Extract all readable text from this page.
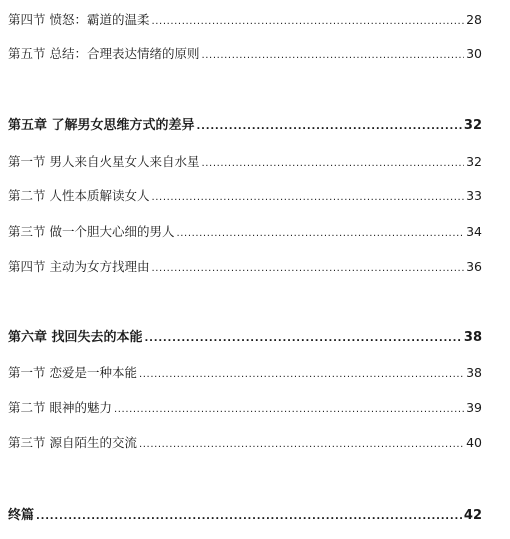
第四节 愤怒：霸道的温柔 .....	28
第五节 总结：合理表达情绪的原则 .....	30
第五章 了解男女思维方式的差异 .....	32
第一节 男人来自火星女人来自水星 .....	32
第二节 人性本质解读女人 .....	33
第三节 做一个胆大心细的男人 .....	34
第四节 主动为女方找理由 .....	36
第六章 找回失去的本能 .....	38
第一节 恋爱是一种本能 .....	38
第二节 眼神的魅力 .....	39
第三节 源自陌生的交流 .....	40
终篇 .....	42
